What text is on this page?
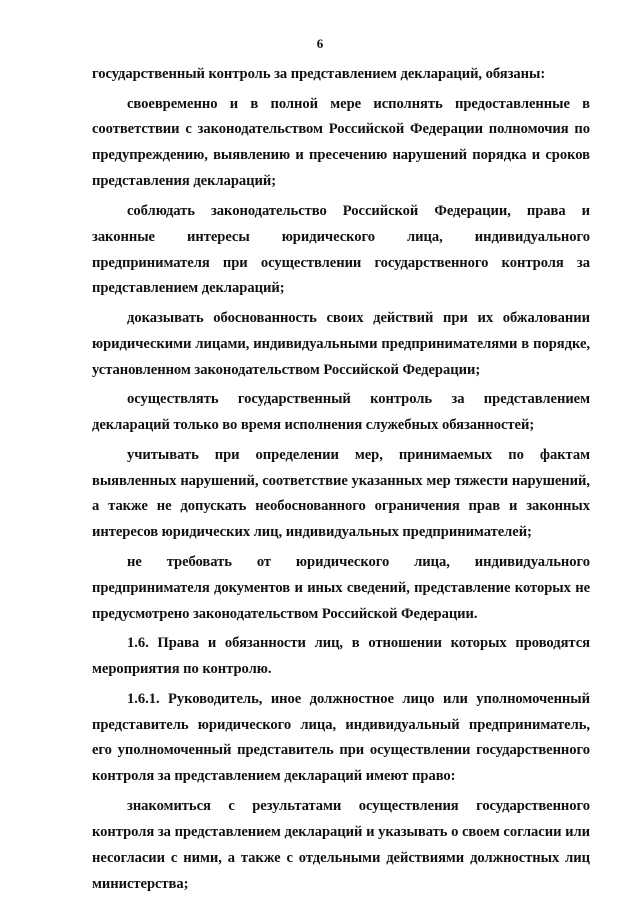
6

государственный контроль за представлением деклараций, обязаны:

своевременно и в полной мере исполнять предоставленные в соответствии с законодательством Российской Федерации полномочия по предупреждению, выявлению и пресечению нарушений порядка и сроков представления деклараций;

соблюдать законодательство Российской Федерации, права и законные интересы юридического лица, индивидуального предпринимателя при осуществлении государственного контроля за представлением деклараций;

доказывать обоснованность своих действий при их обжаловании юридическими лицами, индивидуальными предпринимателями в порядке, установленном законодательством Российской Федерации;

осуществлять государственный контроль за представлением деклараций только во время исполнения служебных обязанностей;

учитывать при определении мер, принимаемых по фактам выявленных нарушений, соответствие указанных мер тяжести нарушений, а также не допускать необоснованного ограничения прав и законных интересов юридических лиц, индивидуальных предпринимателей;

не требовать от юридического лица, индивидуального предпринимателя документов и иных сведений, представление которых не предусмотрено законодательством Российской Федерации.

1.6. Права и обязанности лиц, в отношении которых проводятся мероприятия по контролю.

1.6.1. Руководитель, иное должностное лицо или уполномоченный представитель юридического лица, индивидуальный предприниматель, его уполномоченный представитель при осуществлении государственного контроля за представлением деклараций имеют право:

знакомиться с результатами осуществления государственного контроля за представлением деклараций и указывать о своем согласии или несогласии с ними, а также с отдельными действиями должностных лиц министерства;
